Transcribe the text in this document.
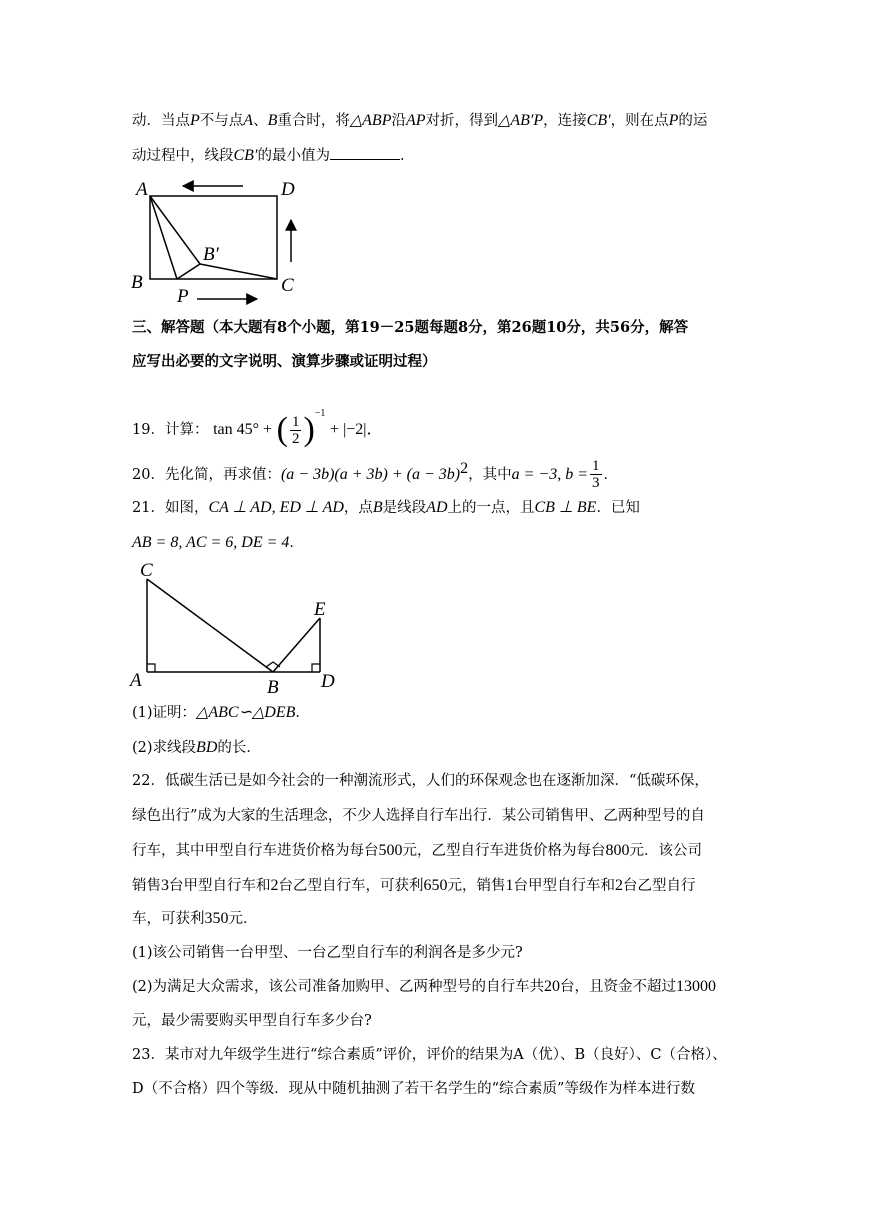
动．当点P不与点A、B重合时，将△ABP沿AP对折，得到△AB′P，连接CB′，则在点P的运
动过程中，线段CB′的最小值为	．
A	D
B	C
P
B′
三、解答题（本大题有8个小题，第19－25题每题8分，第26题10分，共56分，解答
应写出必要的文字说明、演算步骤或证明过程）
19．计算： tan 45° + ( $\frac{1}{2} )^{-1} + |-2|$．
20．先化简，再求值：$(a - 3b)(a + 3b) + (a - 3b)^2$，其中a = −3, $b = \frac{1}{3}$ ．
21．如图，CA ⊥ AD, ED ⊥ AD，点B是线段AD上的一点，且CB ⊥ BE．已知
AB = 8, AC = 6, DE = 4．
C
E
A	B D
(1)证明：△ABC∽△DEB．
(2)求线段BD的长．
22．低碳生活已是如今社会的一种潮流形式，人们的环保观念也在逐渐加深．“低碳环保，
绿色出行”成为大家的生活理念，不少人选择自行车出行．某公司销售甲、乙两种型号的自
行车，其中甲型自行车进货价格为每台500元，乙型自行车进货价格为每台800元．该公司
销售3台甲型自行车和2台乙型自行车，可获利650元，销售1台甲型自行车和2台乙型自行
车，可获利350元．
(1)该公司销售一台甲型、一台乙型自行车的利润各是多少元?
(2)为满足大众需求，该公司准备加购甲、乙两种型号的自行车共20台，且资金不超过13000
元，最少需要购买甲型自行车多少台?
23．某市对九年级学生进行“综合素质”评价，评价的结果为A（优）、B（良好）、C（合格）、
D（不合格）四个等级．现从中随机抽测了若干名学生的“综合素质”等级作为样本进行数
